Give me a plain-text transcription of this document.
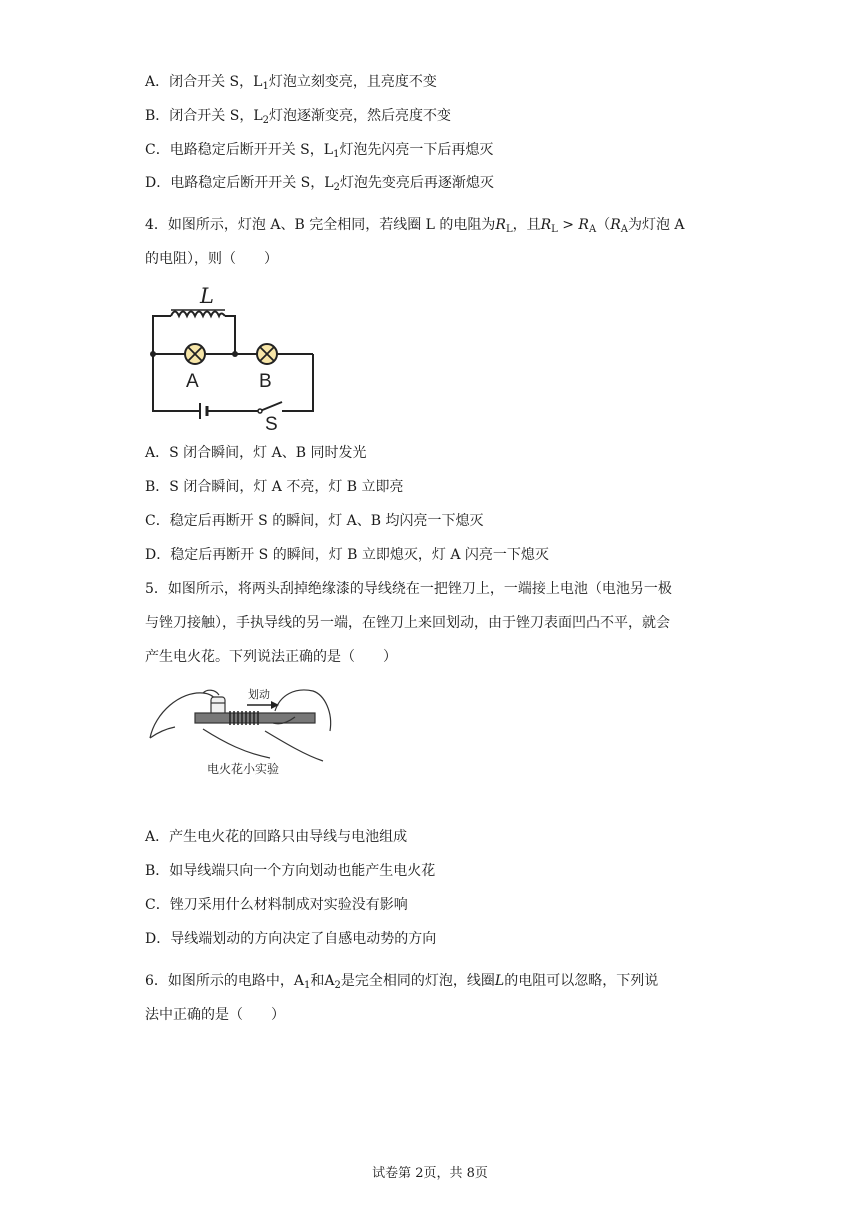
A．闭合开关 S，$L_1$灯泡立刻变亮，且亮度不变
B．闭合开关 S，$L_2$灯泡逐渐变亮，然后亮度不变
C．电路稳定后断开开关 S，$L_1$灯泡先闪亮一下后再熄灭
D．电路稳定后断开开关 S，$L_2$灯泡先变亮后再逐渐熄灭
4．如图所示，灯泡 A、B 完全相同，若线圈 L 的电阻为$R_L$，且$R_L > R_A(R_A$为灯泡 A
的电阻），则（　　）
L
A	B
S
A．S 闭合瞬间，灯 A、B 同时发光
B．S 闭合瞬间，灯 A 不亮，灯 B 立即亮
C．稳定后再断开 S 的瞬间，灯 A、B 均闪亮一下熄灭
D．稳定后再断开 S 的瞬间，灯 B 立即熄灭，灯 A 闪亮一下熄灭
5．如图所示，将两头刮掉绝缘漆的导线绕在一把锉刀上，一端接上电池（电池另一极
与锉刀接触），手执导线的另一端，在锉刀上来回划动，由于锉刀表面凹凸不平，就会
产生电火花。下列说法正确的是（　　）
划动
电火花小实验
A．产生电火花的回路只由导线与电池组成
B．如导线端只向一个方向划动也能产生电火花
C．锉刀采用什么材料制成对实验没有影响
D．导线端划动的方向决定了自感电动势的方向
6．如图所示的电路中，$A_1$和$A_2$是完全相同的灯泡，线圈L的电阻可以忽略，下列说
法中正确的是（　　）
试卷第 2页，共 8页
